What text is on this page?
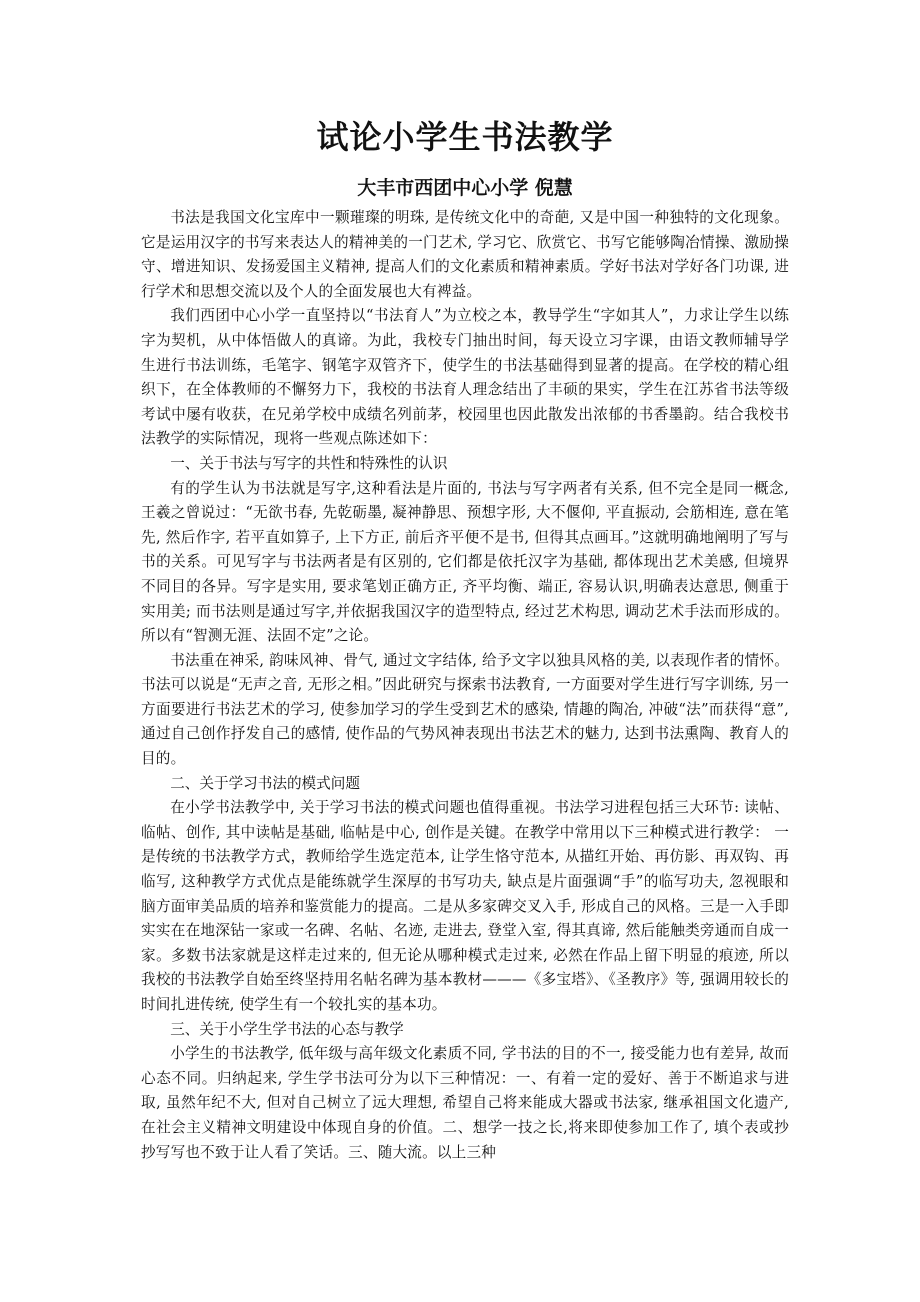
试论小学生书法教学
大丰市西团中心小学 倪慧

书法是我国文化宝库中一颗璀璨的明珠, 是传统文化中的奇葩, 又是中国一种独特的文化现象。它是运用汉字的书写来表达人的精神美的一门艺术, 学习它、欣赏它、书写它能够陶冶情操、激励操守、增进知识、发扬爱国主义精神, 提高人们的文化素质和精神素质。学好书法对学好各门功课, 进行学术和思想交流以及个人的全面发展也大有裨益。

我们西团中心小学一直坚持以“书法育人”为立校之本，教导学生“字如其人”，力求让学生以练字为契机，从中体悟做人的真谛。为此，我校专门抽出时间，每天设立习字课，由语文教师辅导学生进行书法训练，毛笔字、钢笔字双管齐下，使学生的书法基础得到显著的提高。在学校的精心组织下，在全体教师的不懈努力下，我校的书法育人理念结出了丰硕的果实，学生在江苏省书法等级考试中屡有收获，在兄弟学校中成绩名列前茅，校园里也因此散发出浓郁的书香墨韵。结合我校书法教学的实际情况，现将一些观点陈述如下：

一、关于书法与写字的共性和特殊性的认识

有的学生认为书法就是写字,这种看法是片面的, 书法与写字两者有关系, 但不完全是同一概念, 王羲之曾说过：“无欲书春, 先乾砺墨, 凝神静思、预想字形, 大不偃仰, 平直振动, 会筋相连, 意在笔先, 然后作字, 若平直如算子, 上下方正, 前后齐平便不是书, 但得其点画耳。”这就明确地阐明了写与书的关系。可见写字与书法两者是有区别的, 它们都是依托汉字为基础, 都体现出艺术美感, 但境界不同目的各异。写字是实用, 要求笔划正确方正, 齐平均衡、端正, 容易认识,明确表达意思, 侧重于实用美; 而书法则是通过写字,并依据我国汉字的造型特点, 经过艺术构思, 调动艺术手法而形成的。所以有“智测无涯、法固不定”之论。

书法重在神采, 韵味风神、骨气, 通过文字结体, 给予文字以独具风格的美, 以表现作者的情怀。书法可以说是“无声之音, 无形之相。”因此研究与探索书法教育, 一方面要对学生进行写字训练, 另一方面要进行书法艺术的学习, 使参加学习的学生受到艺术的感染, 情趣的陶冶, 冲破“法”而获得“意”, 通过自己创作抒发自己的感情, 使作品的气势风神表现出书法艺术的魅力, 达到书法熏陶、教育人的目的。

二、关于学习书法的模式问题

在小学书法教学中, 关于学习书法的模式问题也值得重视。书法学习进程包括三大环节: 读帖、临帖、创作, 其中读帖是基础, 临帖是中心, 创作是关键。在教学中常用以下三种模式进行教学： 一是传统的书法教学方式，教师给学生选定范本, 让学生恪守范本, 从描红开始、再仿影、再双钩、再临写, 这种教学方式优点是能练就学生深厚的书写功夫, 缺点是片面强调“手”的临写功夫, 忽视眼和脑方面审美品质的培养和鉴赏能力的提高。二是从多家碑交叉入手, 形成自己的风格。三是一入手即实实在在地深钻一家或一名碑、名帖、名迹, 走进去, 登堂入室, 得其真谛, 然后能触类旁通而自成一家。多数书法家就是这样走过来的, 但无论从哪种模式走过来, 必然在作品上留下明显的痕迹, 所以我校的书法教学自始至终坚持用名帖名碑为基本教材———《多宝塔》、《圣教序》等, 强调用较长的时间扎进传统, 使学生有一个较扎实的基本功。

三、关于小学生学书法的心态与教学

小学生的书法教学, 低年级与高年级文化素质不同, 学书法的目的不一, 接受能力也有差异, 故而心态不同。归纳起来, 学生学书法可分为以下三种情况：一、有着一定的爱好、善于不断追求与进取, 虽然年纪不大, 但对自己树立了远大理想, 希望自己将来能成大器或书法家, 继承祖国文化遗产, 在社会主义精神文明建设中体现自身的价值。二、想学一技之长,将来即使参加工作了, 填个表或抄抄写写也不致于让人看了笑话。三、随大流。以上三种
